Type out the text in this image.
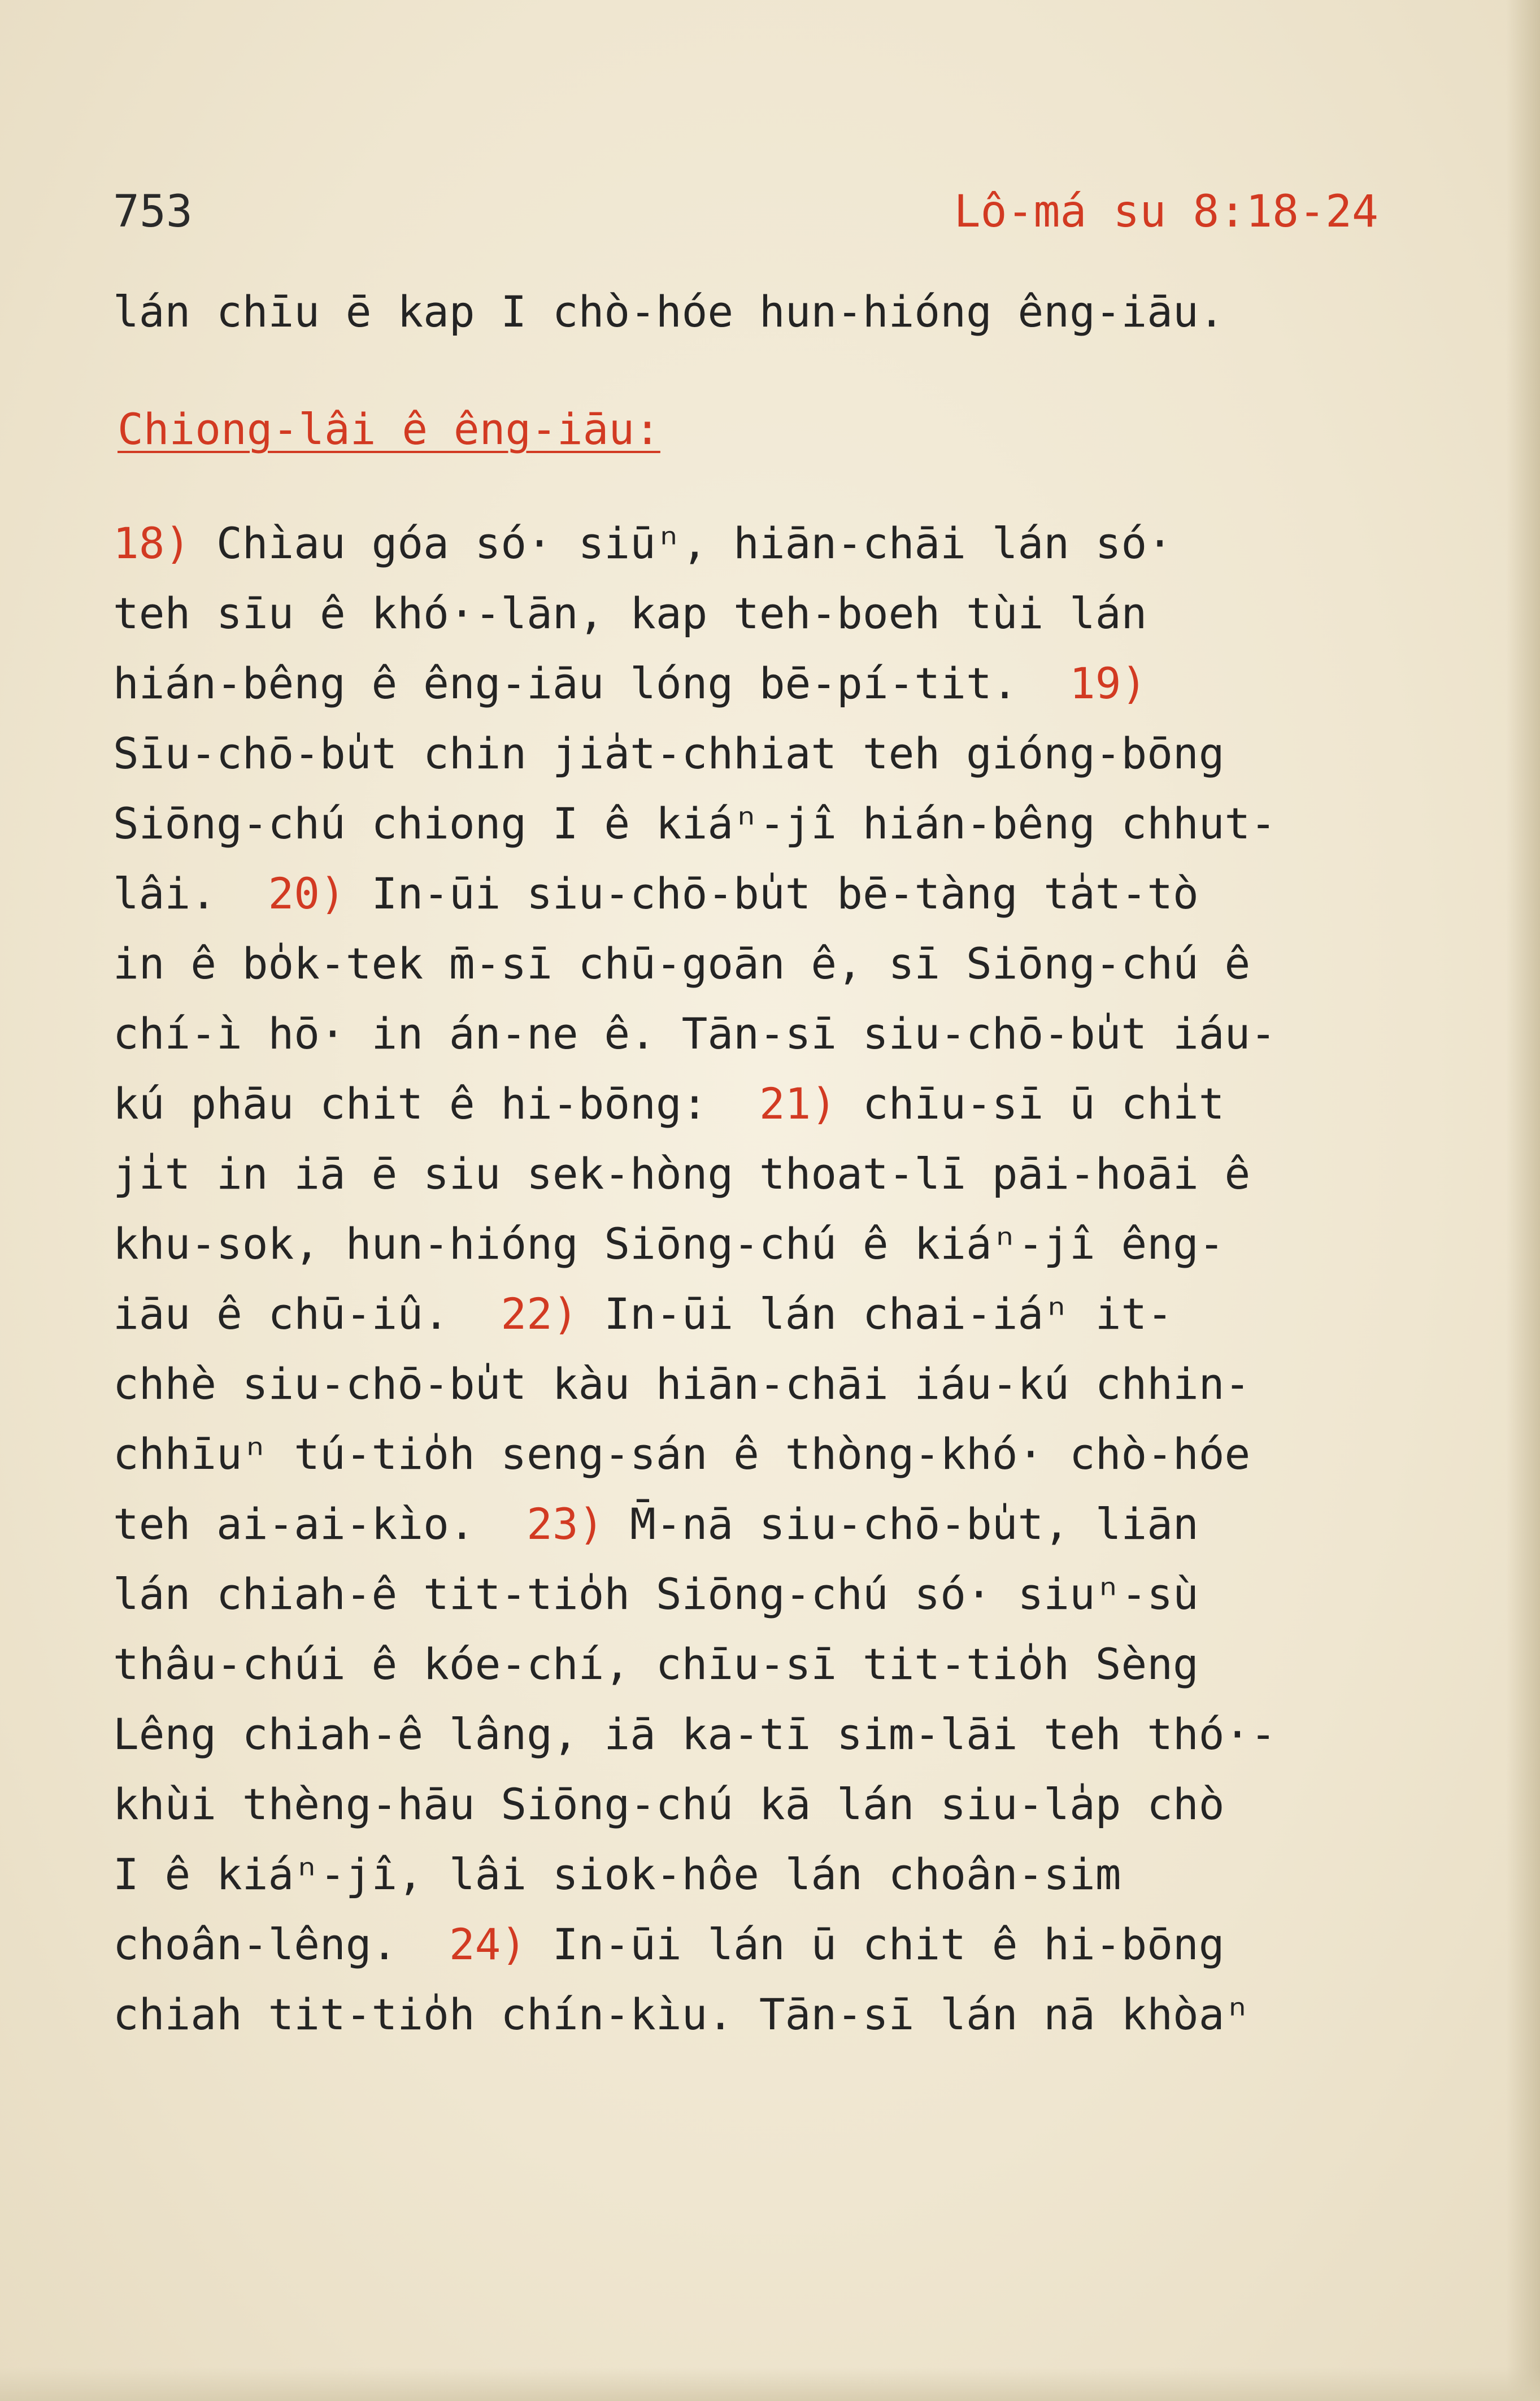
753	Lô-má su 8:18-24
lán chīu ē kap I chò-hóe hun-hióng êng-iāu.
Chiong-lâi ê êng-iāu:
18) Chìau góa só· siūⁿ, hiān-chāi lán só·
teh sīu ê khó·-lān, kap teh-boeh tùi lán
hián-bêng ê êng-iāu lóng bē-pí-tit.  19)
Sīu-chō-bu̍t chin jia̍t-chhiat teh gióng-bōng
Siōng-chú chiong I ê kiáⁿ-jî hián-bêng chhut-
lâi.  20) In-ūi siu-chō-bu̍t bē-tàng ta̍t-tò
in ê bo̍k-tek m̄-sī chū-goān ê, sī Siōng-chú ê
chí-ì hō· in án-ne ê. Tān-sī siu-chō-bu̍t iáu-
kú phāu chit ê hi-bōng:  21) chīu-sī ū chi̍t
ji̍t in iā ē siu sek-hòng thoat-lī pāi-hoāi ê
khu-sok, hun-hióng Siōng-chú ê kiáⁿ-jî êng-
iāu ê chū-iû.  22) In-ūi lán chai-iáⁿ it-
chhè siu-chō-bu̍t kàu hiān-chāi iáu-kú chhin-
chhīuⁿ tú-tio̍h seng-sán ê thòng-khó· chò-hóe
teh ai-ai-kìo.  23) M̄-nā siu-chō-bu̍t, liān
lán chiah-ê tit-tio̍h Siōng-chú só· siuⁿ-sù
thâu-chúi ê kóe-chí, chīu-sī tit-tio̍h Sèng
Lêng chiah-ê lâng, iā ka-tī sim-lāi teh thó·-
khùi thèng-hāu Siōng-chú kā lán siu-la̍p chò
I ê kiáⁿ-jî, lâi siok-hôe lán choân-sim
choân-lêng.  24) In-ūi lán ū chit ê hi-bōng
chiah tit-tio̍h chín-kìu. Tān-sī lán nā khòaⁿ
